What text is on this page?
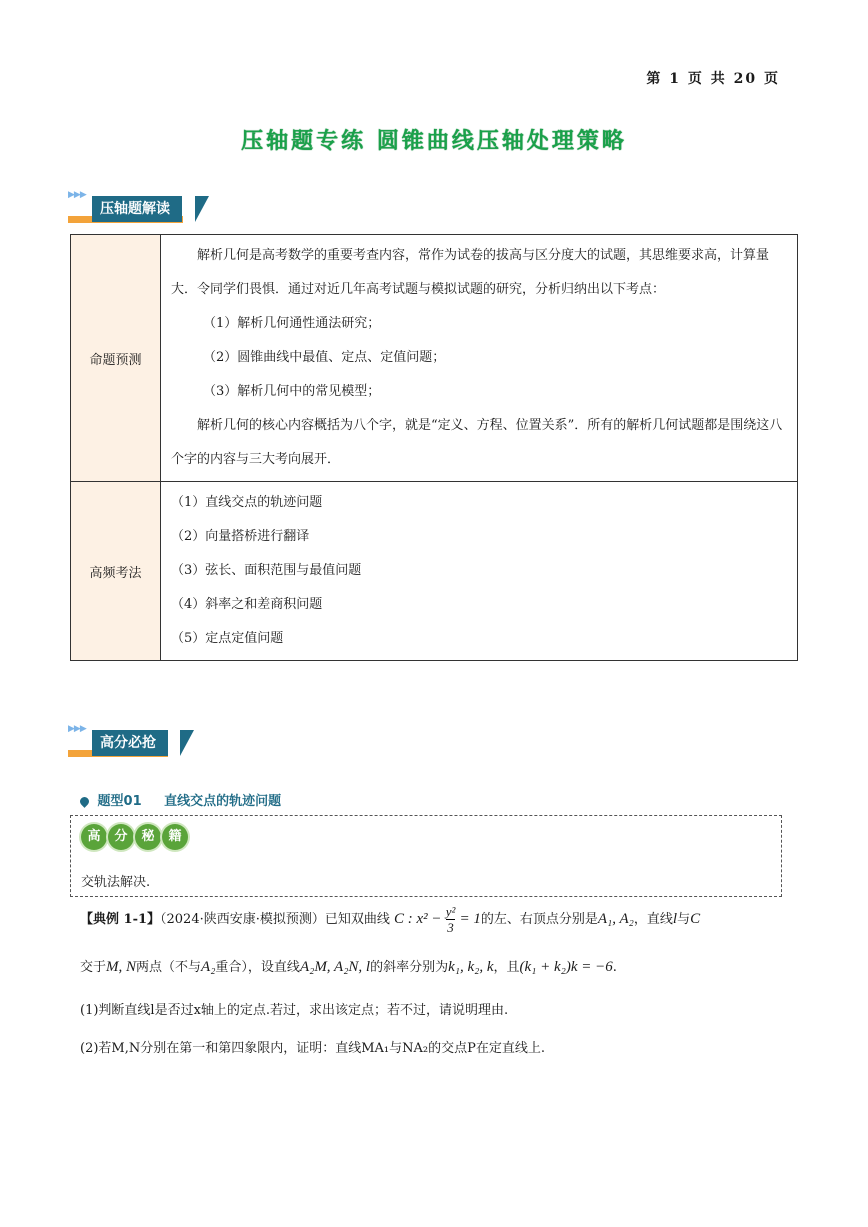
第 1 页 共 20 页
压轴题专练 圆锥曲线压轴处理策略
▶▶▶
压轴题解读
命题预测	解析几何是高考数学的重要考查内容，常作为试卷的拔高与区分度大的试题，其思维要求高，计算量大．令同学们畏惧．通过对近几年高考试题与模拟试题的研究，分析归纳出以下考点：
（1）解析几何通性通法研究；
（2）圆锥曲线中最值、定点、定值问题；
（3）解析几何中的常见模型；
解析几何的核心内容概括为八个字，就是“定义、方程、位置关系”．所有的解析几何试题都是围绕这八个字的内容与三大考向展开．

高频考法	（1）直线交点的轨迹问题
（2）向量搭桥进行翻译
（3）弦长、面积范围与最值问题
（4）斜率之和差商积问题
（5）定点定值问题
▶▶▶
高分必抢
题型01 直线交点的轨迹问题
高	分	秘	籍
交轨法解决.
【典例 1-1】（2024·陕西安康·模拟预测）已知双曲线 C : $x^2 - \frac{\text{y²}}{3} = 1$的左、右顶点分别是A₁, A₂，直线l与C
交于M, N两点（不与A₂重合），设直线A₂M, A₂N, l的斜率分别为k₁, k₂, k，且(k₁ + k₂)k = −6.
(1)判断直线l是否过x轴上的定点.若过，求出该定点；若不过，请说明理由.
(2)若M,N分别在第一和第四象限内，证明：直线MA₁与NA₂的交点P在定直线上.
